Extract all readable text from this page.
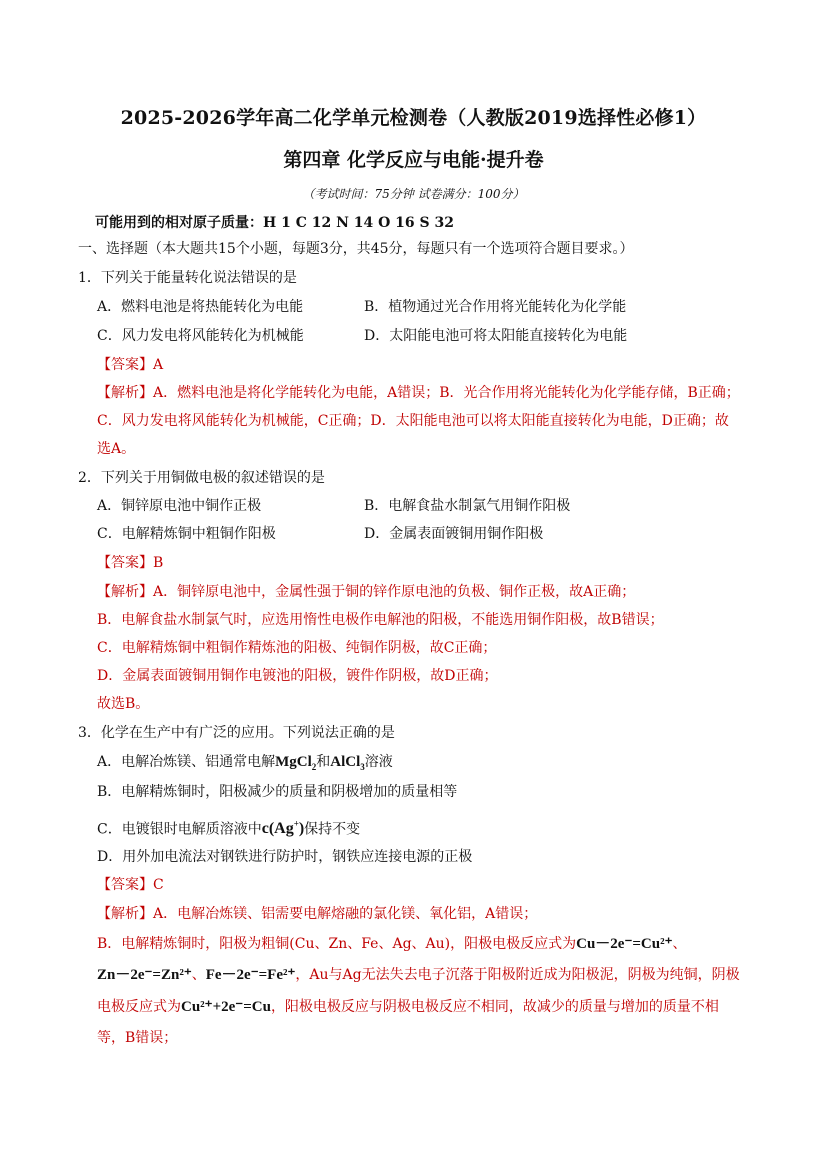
2025-2026学年高二化学单元检测卷（人教版2019选择性必修1）
第四章 化学反应与电能·提升卷
（考试时间：75分钟 试卷满分：100分）
可能用到的相对原子质量：H 1 C 12 N 14 O 16 S 32
一、选择题（本大题共15个小题，每题3分，共45分，每题只有一个选项符合题目要求。）
1．下列关于能量转化说法错误的是
A．燃料电池是将热能转化为电能	B．植物通过光合作用将光能转化为化学能
C．风力发电将风能转化为机械能	D．太阳能电池可将太阳能直接转化为电能
【答案】A
【解析】A．燃料电池是将化学能转化为电能，A错误；B．光合作用将光能转化为化学能存储，B正确；
C．风力发电将风能转化为机械能，C正确；D．太阳能电池可以将太阳能直接转化为电能，D正确；故
选A。
2．下列关于用铜做电极的叙述错误的是
A．铜锌原电池中铜作正极	B．电解食盐水制氯气用铜作阳极
C．电解精炼铜中粗铜作阳极	D．金属表面镀铜用铜作阳极
【答案】B
【解析】A．铜锌原电池中，金属性强于铜的锌作原电池的负极、铜作正极，故A正确；
B．电解食盐水制氯气时，应选用惰性电极作电解池的阳极，不能选用铜作阳极，故B错误；
C．电解精炼铜中粗铜作精炼池的阳极、纯铜作阴极，故C正确；
D．金属表面镀铜用铜作电镀池的阳极，镀件作阴极，故D正确；
故选B。
3．化学在生产中有广泛的应用。下列说法正确的是
A．电解冶炼镁、铝通常电解MgCl$_2$和AlCl$_3$溶液
B．电解精炼铜时，阳极减少的质量和阴极增加的质量相等
C．电镀银时电解质溶液中c(Ag+)保持不变
D．用外加电流法对钢铁进行防护时，钢铁应连接电源的正极
【答案】C
【解析】A．电解冶炼镁、铝需要电解熔融的氯化镁、氧化铝，A错误；
B．电解精炼铜时，阳极为粗铜(Cu、Zn、Fe、Ag、Au)，阳极电极反应式为Cu－2e⁻=Cu²⁺、
Zn－2e⁻=Zn²⁺、Fe－2e⁻=Fe²⁺，Au与Ag无法失去电子沉落于阳极附近成为阳极泥，阴极为纯铜，阴极
电极反应式为Cu²⁺+2e⁻=Cu，阳极电极反应与阴极电极反应不相同，故减少的质量与增加的质量不相
等，B错误；
